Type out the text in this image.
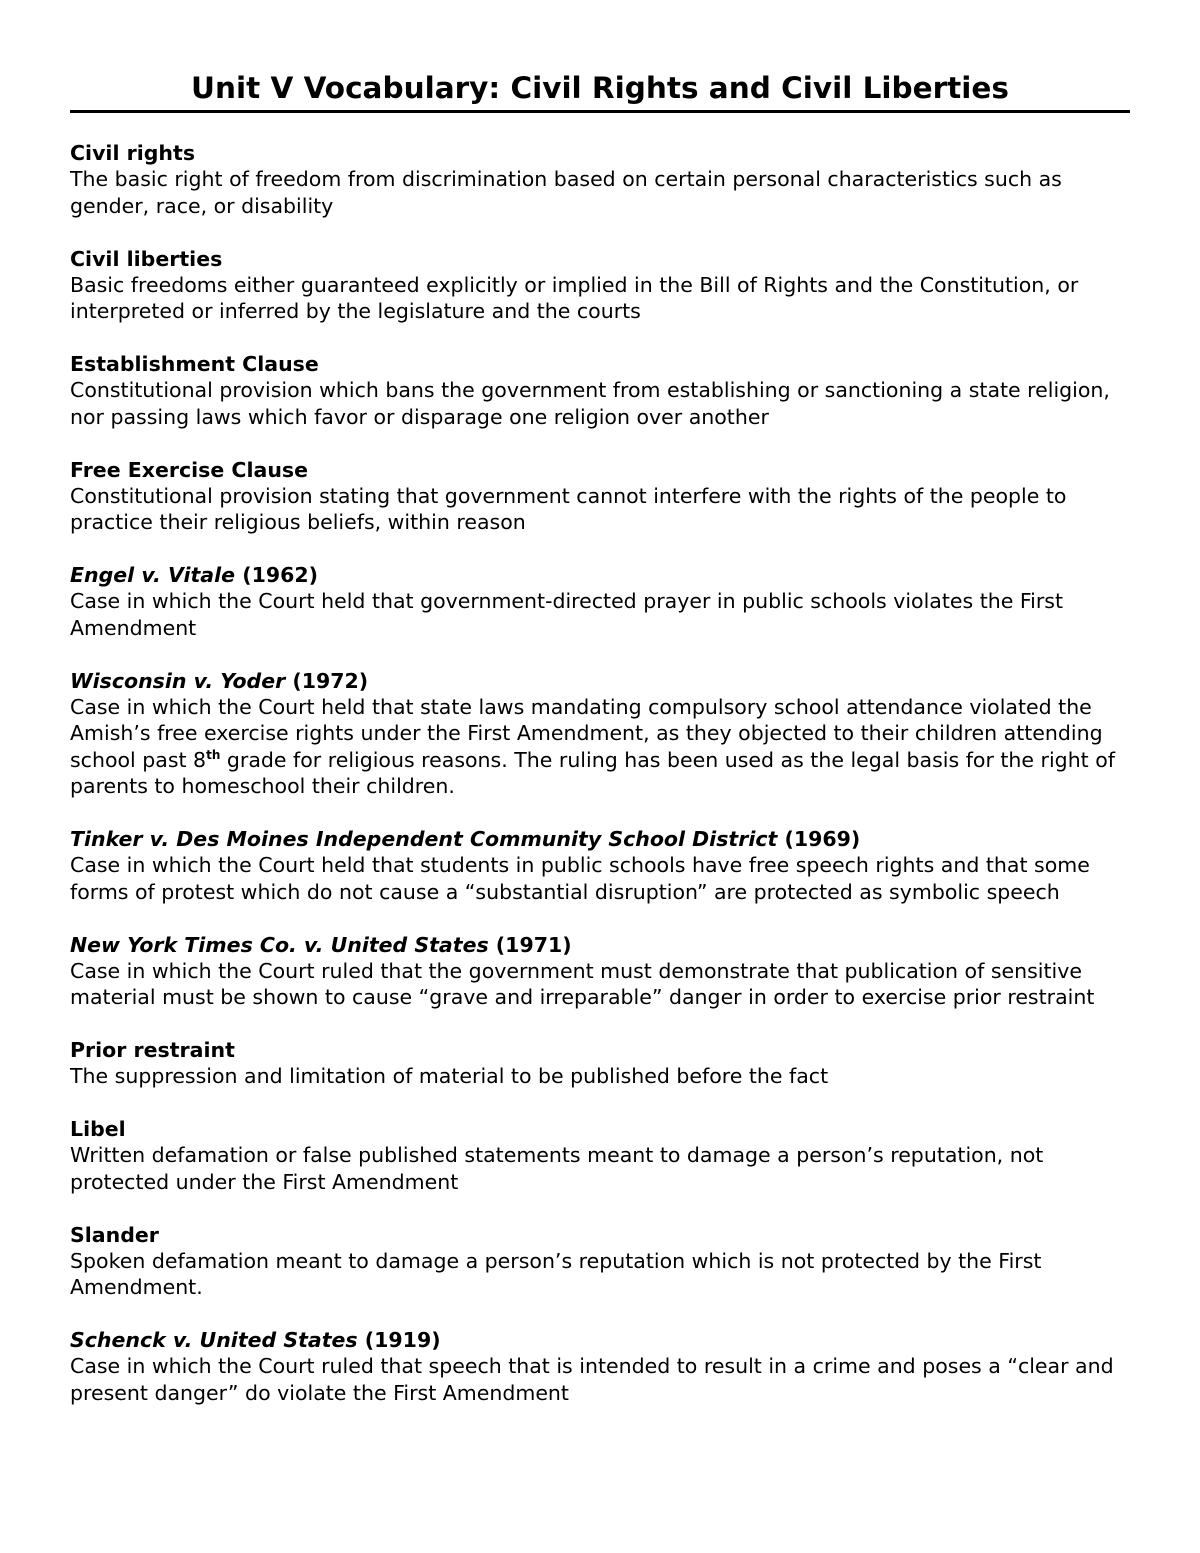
Unit V Vocabulary: Civil Rights and Civil Liberties

Civil rights

The basic right of freedom from discrimination based on certain personal characteristics such as gender, race, or disability

Civil liberties

Basic freedoms either guaranteed explicitly or implied in the Bill of Rights and the Constitution, or interpreted or inferred by the legislature and the courts

Establishment Clause

Constitutional provision which bans the government from establishing or sanctioning a state religion, nor passing laws which favor or disparage one religion over another

Free Exercise Clause

Constitutional provision stating that government cannot interfere with the rights of the people to practice their religious beliefs, within reason

Engel v. Vitale (1962)

Case in which the Court held that government-directed prayer in public schools violates the First Amendment

Wisconsin v. Yoder (1972)

Case in which the Court held that state laws mandating compulsory school attendance violated the Amish’s free exercise rights under the First Amendment, as they objected to their children attending school past 8th grade for religious reasons. The ruling has been used as the legal basis for the right of parents to homeschool their children.

Tinker v. Des Moines Independent Community School District (1969)

Case in which the Court held that students in public schools have free speech rights and that some forms of protest which do not cause a “substantial disruption” are protected as symbolic speech

New York Times Co. v. United States (1971)

Case in which the Court ruled that the government must demonstrate that publication of sensitive material must be shown to cause “grave and irreparable” danger in order to exercise prior restraint

Prior restraint

The suppression and limitation of material to be published before the fact

Libel

Written defamation or false published statements meant to damage a person’s reputation, not protected under the First Amendment

Slander

Spoken defamation meant to damage a person’s reputation which is not protected by the First Amendment.

Schenck v. United States (1919)

Case in which the Court ruled that speech that is intended to result in a crime and poses a “clear and present danger” do violate the First Amendment
